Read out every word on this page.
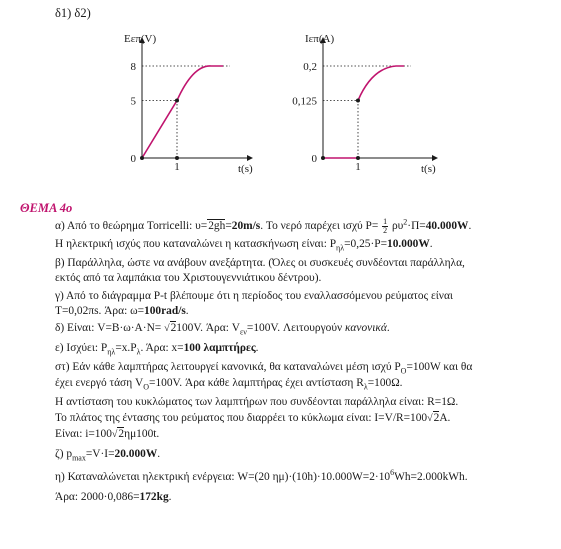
δ1) δ2)
Eεπ(V)
t(s)
8
5
0
1
Iεπ(A)
t(s)
0,2
0,125
0
1
ΘΕΜΑ 4ο
α) Από το θεώρημα Torricelli: υ=2gh=20m/s. Το νερό παρέχει ισχύ $P= \frac{1}{2} \rho\upsilon^2\cdot\Pi=40.000W$.
Η ηλεκτρική ισχύς που καταναλώνει η κατασκήνωση είναι: $P_{\eta\lambda}=0,25\cdot P=10.000W$.
β) Παράλληλα, ώστε να ανάβουν ανεξάρτητα. (Όλες οι συσκευές συνδέονται παράλληλα,
εκτός από τα λαμπάκια του Χριστουγεννιάτικου δέντρου).
γ) Από το διάγραμμα P-t βλέπουμε ότι η περίοδος του εναλλασσόμενου ρεύματος είναι
T=0,02πs. Άρα: ω=100rad/s.
δ) Είναι: V=B·ω·A·N= √2100V. Άρα: $V_{\varepsilon\nu}=100V$. Λειτουργούν κανονικά.
ε) Ισχύει: $P_{\eta\lambda}=x.P_\lambda$. Άρα: x=100 λαμπτήρες.
στ) Εάν κάθε λαμπτήρας λειτουργεί κανονικά, θα καταναλώνει μέση ισχύ $P_O=100W$ και θα
έχει ενεργό τάση $V_O=100V$. Άρα κάθε λαμπτήρας έχει αντίσταση $R_\lambda=100\Omega$.
Η αντίσταση του κυκλώματος των λαμπτήρων που συνδέονται παράλληλα είναι: R=1Ω.
Το πλάτος της έντασης του ρεύματος που διαρρέει το κύκλωμα είναι: I=V/R=100√2A.
Είναι: i=100√2ημ100t.
ζ) $p_{max}=V\cdot I=20.000W$.
η) Καταναλώνεται ηλεκτρική ενέργεια: W=(20 $\eta\mu)\cdot(10h)\cdot 10.000W=2\cdot 10^6Wh=2.000kWh$.
Άρα: 2000·0,086=172kg.
